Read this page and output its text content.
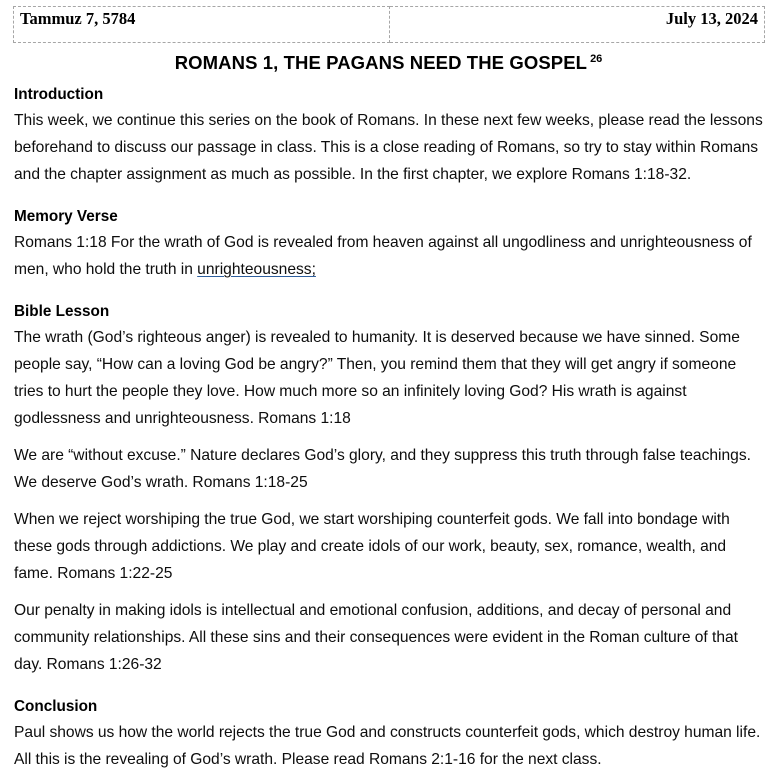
Tammuz 7, 5784	July 13, 2024
ROMANS 1, THE PAGANS NEED THE GOSPEL $^{26}$
Introduction

This week, we continue this series on the book of Romans. In these next few weeks, please read the lessons beforehand to discuss our passage in class. This is a close reading of Romans, so try to stay within Romans and the chapter assignment as much as possible. In the first chapter, we explore Romans 1:18-32.

Memory Verse

Romans 1:18 For the wrath of God is revealed from heaven against all ungodliness and unrighteousness of men, who hold the truth in unrighteousness;

Bible Lesson

The wrath (God’s righteous anger) is revealed to humanity. It is deserved because we have sinned. Some people say, “How can a loving God be angry?” Then, you remind them that they will get angry if someone tries to hurt the people they love. How much more so an infinitely loving God? His wrath is against godlessness and unrighteousness. Romans 1:18

We are “without excuse.” Nature declares God’s glory, and they suppress this truth through false teachings. We deserve God’s wrath. Romans 1:18-25

When we reject worshiping the true God, we start worshiping counterfeit gods. We fall into bondage with these gods through addictions. We play and create idols of our work, beauty, sex, romance, wealth, and fame. Romans 1:22-25

Our penalty in making idols is intellectual and emotional confusion, additions, and decay of personal and community relationships. All these sins and their consequences were evident in the Roman culture of that day. Romans 1:26-32

Conclusion

Paul shows us how the world rejects the true God and constructs counterfeit gods, which destroy human life. All this is the revealing of God’s wrath. Please read Romans 2:1-16 for the next class.
